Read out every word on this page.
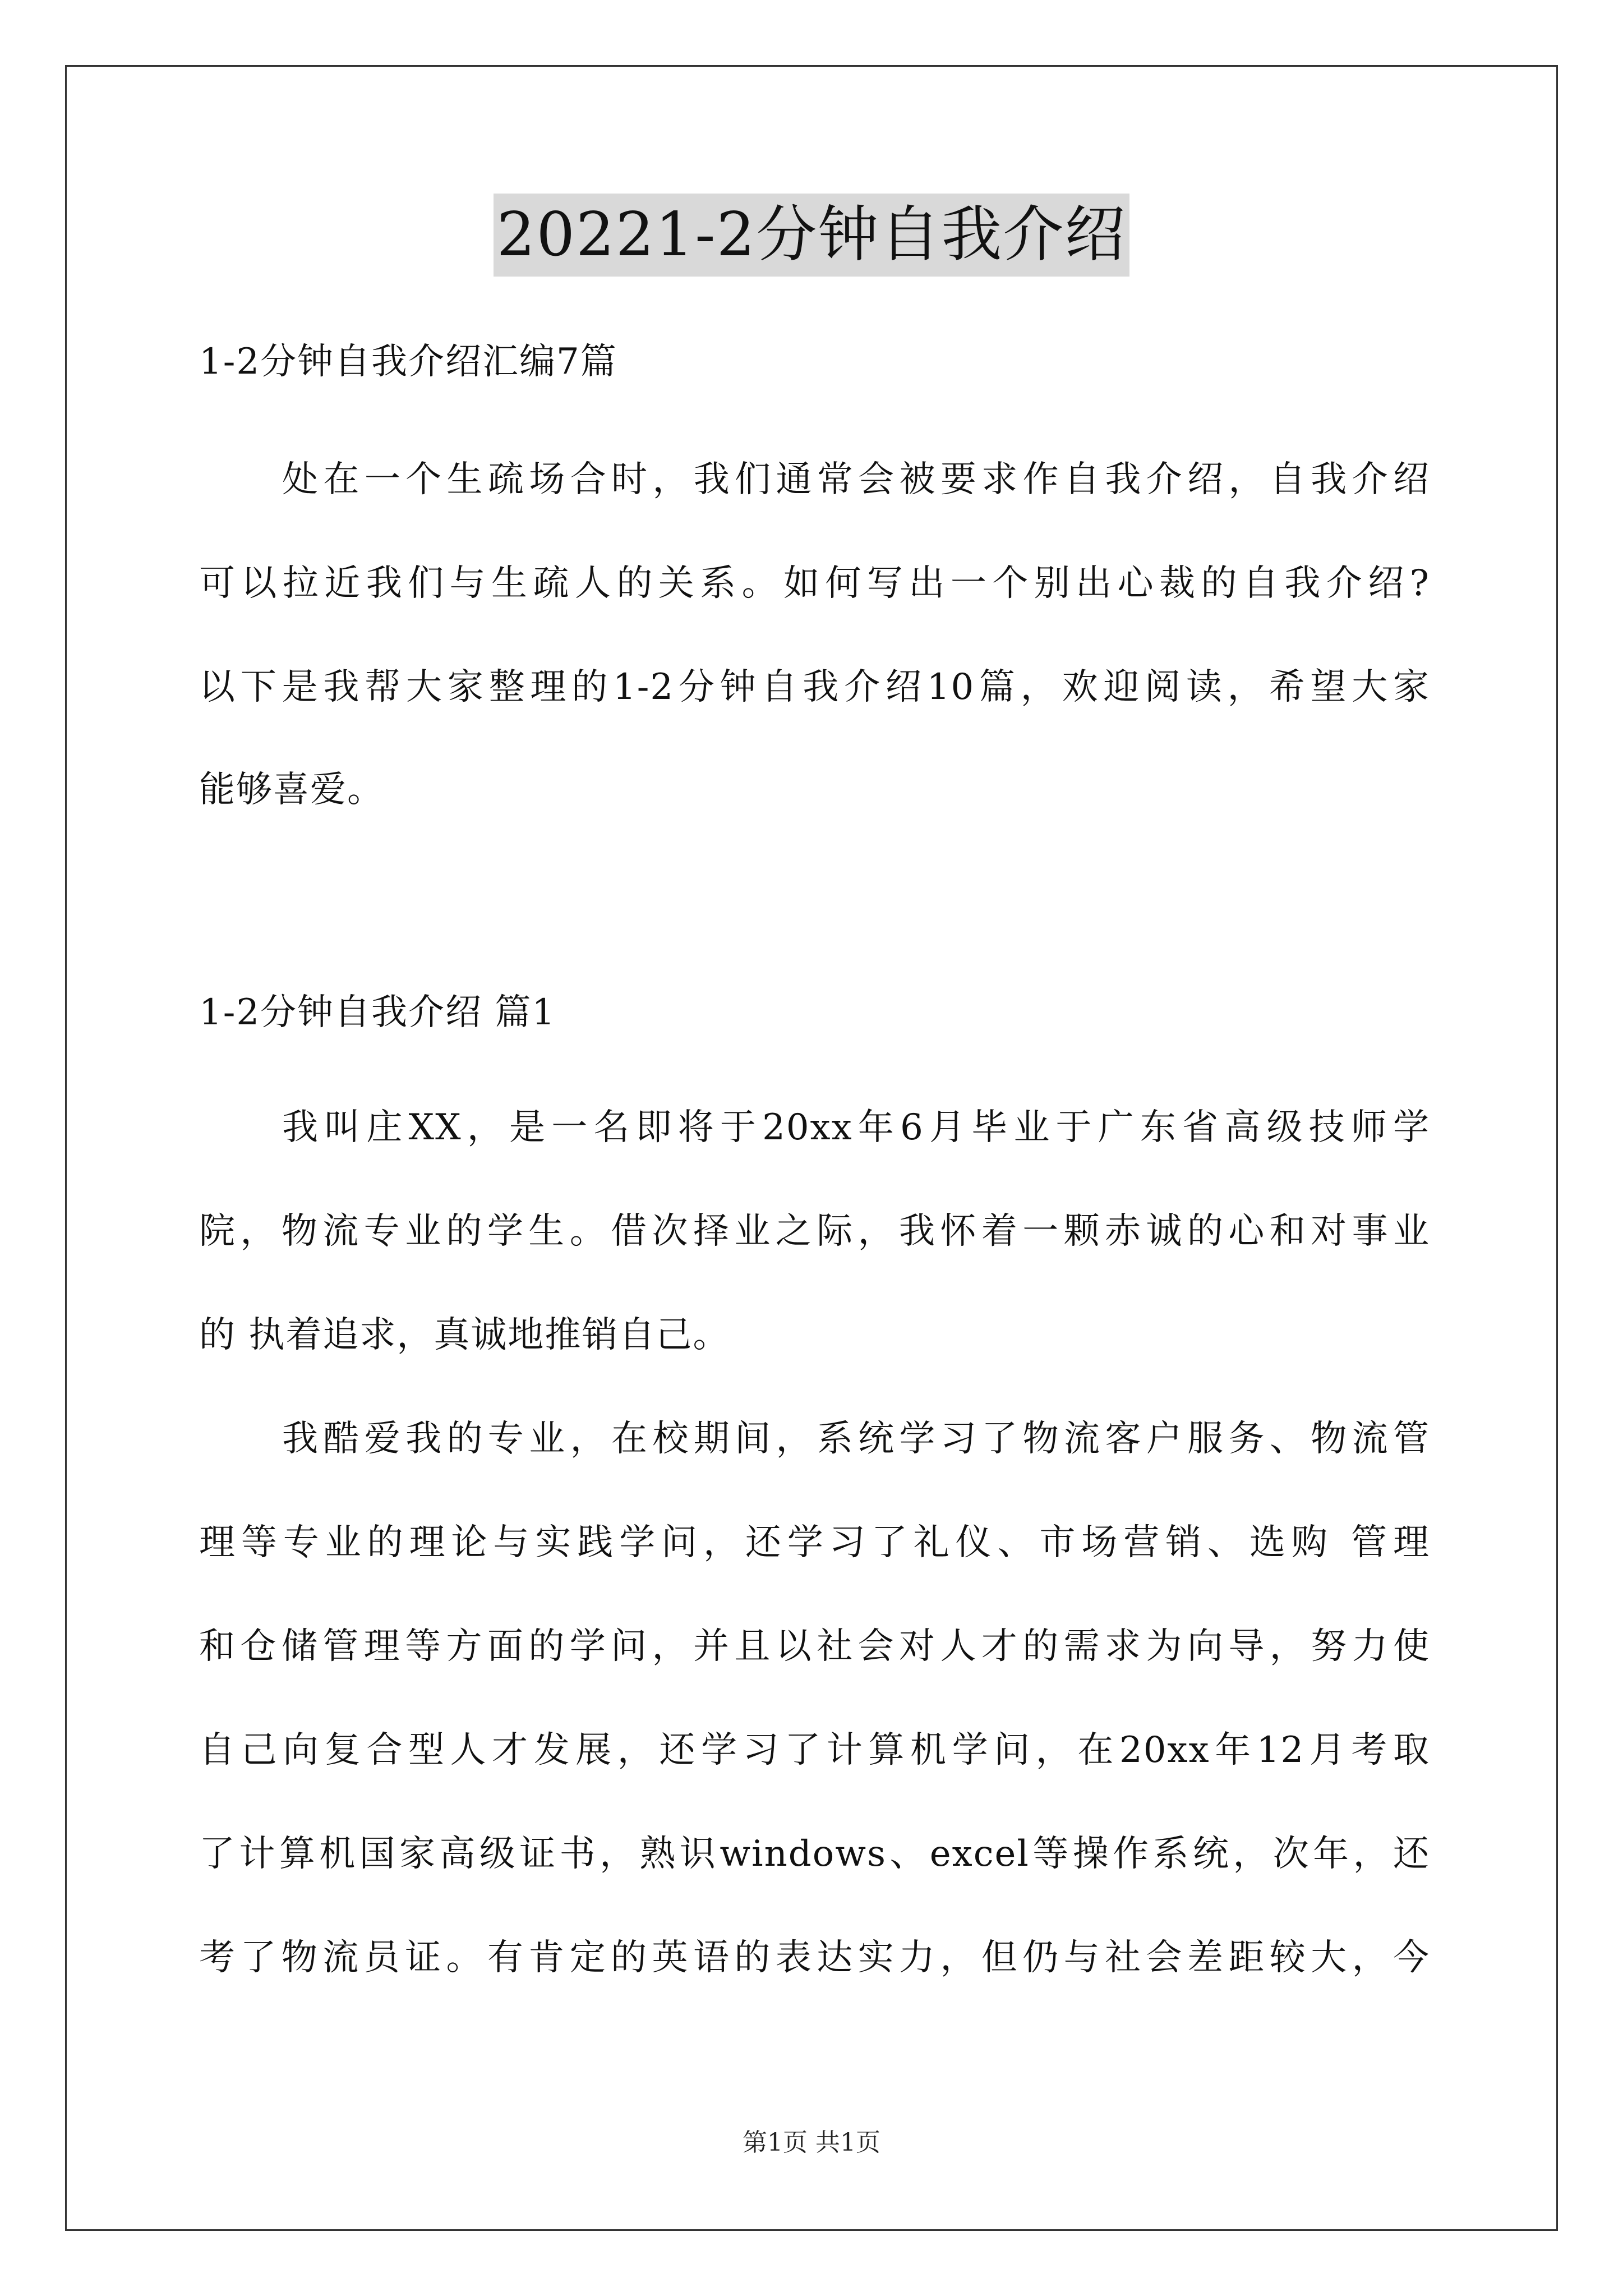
20221-2分钟自我介绍
1-2分钟自我介绍汇编7篇
处在一个生疏场合时，我们通常会被要求作自我介绍，自我介绍
可以拉近我们与生疏人的关系。如何写出一个别出心裁的自我介绍?
以下是我帮大家整理的1-2分钟自我介绍10篇，欢迎阅读，希望大家
能够喜爱。
1-2分钟自我介绍 篇1
我叫庄XX，是一名即将于20xx年6月毕业于广东省高级技师学
院，物流专业的学生。借次择业之际，我怀着一颗赤诚的心和对事业
的 执着追求，真诚地推销自己。
我酷爱我的专业，在校期间，系统学习了物流客户服务、物流管
理等专业的理论与实践学问，还学习了礼仪、市场营销、选购 管理
和仓储管理等方面的学问，并且以社会对人才的需求为向导，努力使
自己向复合型人才发展，还学习了计算机学问，在20xx年12月考取
了计算机国家高级证书，熟识windows、excel等操作系统，次年，还
考了物流员证。有肯定的英语的表达实力，但仍与社会差距较大，今
第1页 共1页
